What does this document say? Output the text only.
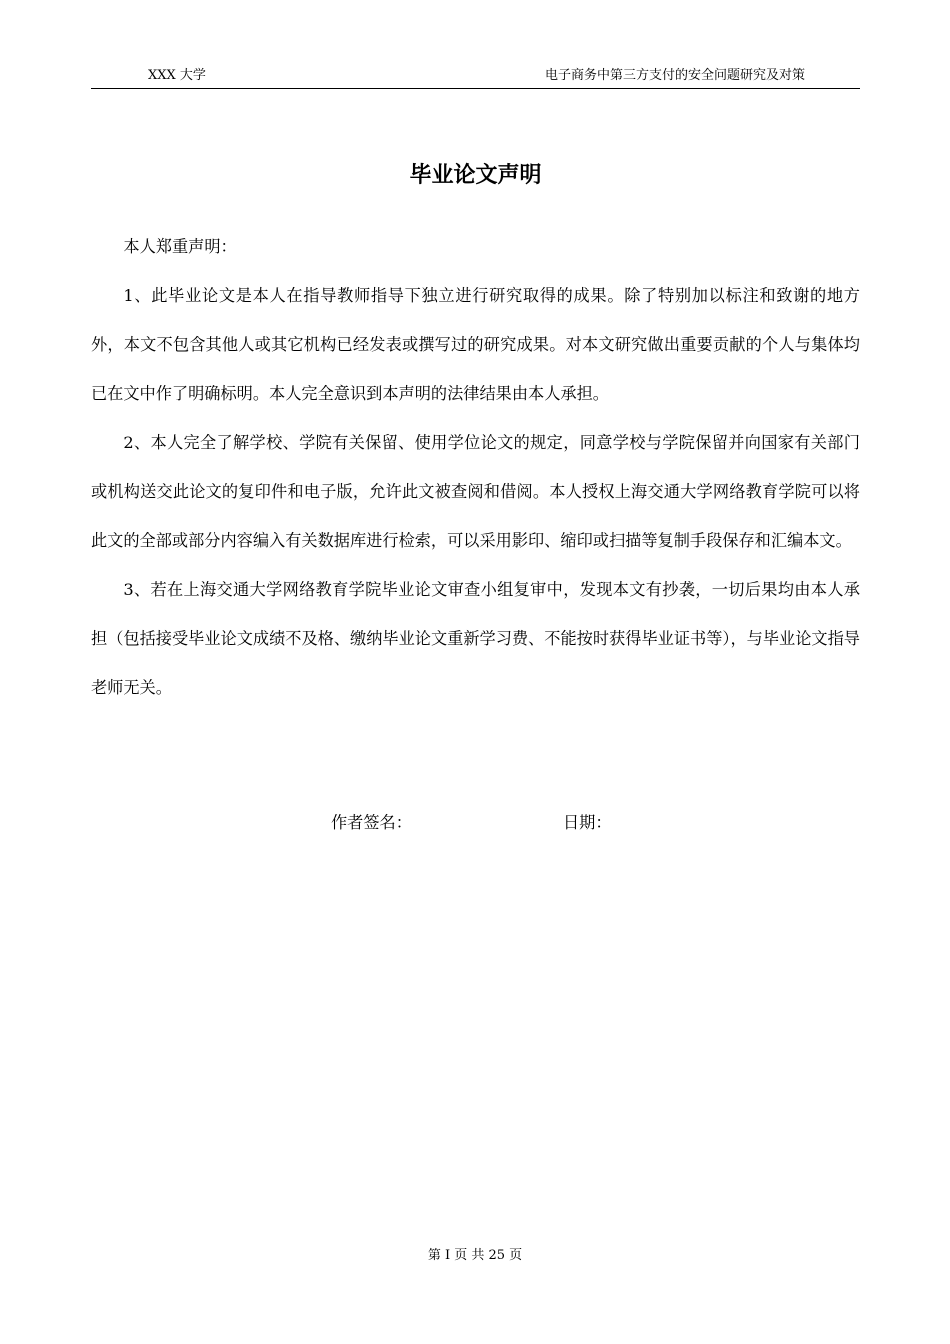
XXX 大学	电子商务中第三方支付的安全问题研究及对策
毕业论文声明

本人郑重声明：

1、此毕业论文是本人在指导教师指导下独立进行研究取得的成果。除了特别加以标注和致谢的地方外，本文不包含其他人或其它机构已经发表或撰写过的研究成果。对本文研究做出重要贡献的个人与集体均已在文中作了明确标明。本人完全意识到本声明的法律结果由本人承担。

2、本人完全了解学校、学院有关保留、使用学位论文的规定，同意学校与学院保留并向国家有关部门或机构送交此论文的复印件和电子版，允许此文被查阅和借阅。本人授权上海交通大学网络教育学院可以将此文的全部或部分内容编入有关数据库进行检索，可以采用影印、缩印或扫描等复制手段保存和汇编本文。

3、若在上海交通大学网络教育学院毕业论文审查小组复审中，发现本文有抄袭，一切后果均由本人承担（包括接受毕业论文成绩不及格、缴纳毕业论文重新学习费、不能按时获得毕业证书等），与毕业论文指导老师无关。

作者签名：	日期：
第 I 页 共 25 页
